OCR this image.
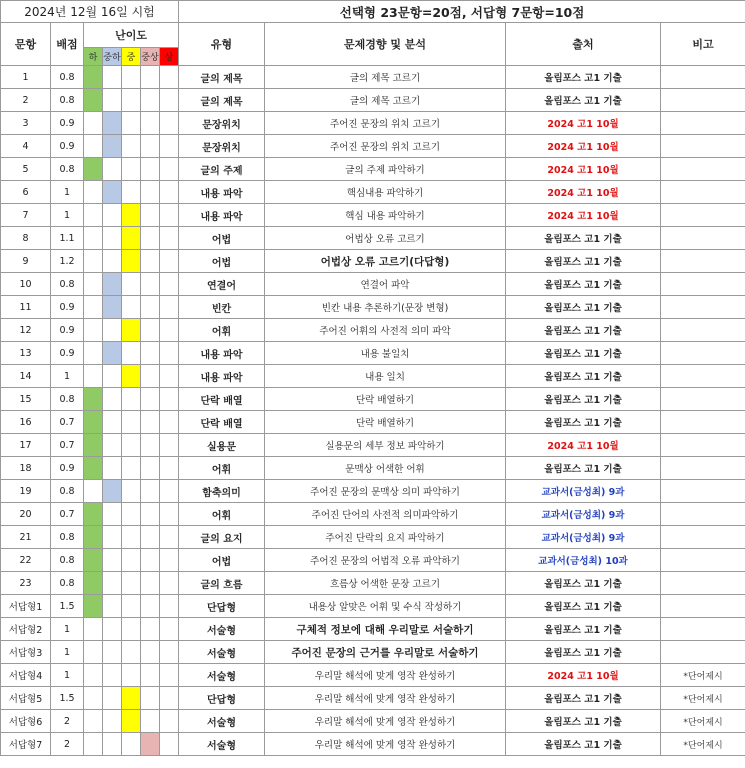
2024년 12월 16일 시험							선택형 23문항=20점, 서답형 7문항=10점			
문항	배점	난이도					유형	문제경향 및 분석	출처	비고
		하	중하	중	중상	상				
1	0.8						글의 제목	글의 제목 고르기	올림포스 고1 기출	
2	0.8						글의 제목	글의 제목 고르기	올림포스 고1 기출	
3	0.9						문장위치	주어진 문장의 위치 고르기	2024 고1 10월	
4	0.9						문장위치	주어진 문장의 위치 고르기	2024 고1 10월	
5	0.8						글의 주제	글의 주제 파악하기	2024 고1 10월	
6	1						내용 파악	핵심내용 파악하기	2024 고1 10월	
7	1						내용 파악	핵심 내용 파악하기	2024 고1 10월	
8	1.1						어법	어법상 오류 고르기	올림포스 고1 기출	
9	1.2						어법	어법상 오류 고르기(다답형)	올림포스 고1 기출	
10	0.8						연결어	연결어 파악	올림포스 고1 기출	
11	0.9						빈칸	빈칸 내용 추론하기(문장 변형)	올림포스 고1 기출	
12	0.9						어휘	주어진 어휘의 사전적 의미 파악	올림포스 고1 기출	
13	0.9						내용 파악	내용 불일치	올림포스 고1 기출	
14	1						내용 파악	내용 일치	올림포스 고1 기출	
15	0.8						단락 배열	단락 배열하기	올림포스 고1 기출	
16	0.7						단락 배열	단락 배열하기	올림포스 고1 기출	
17	0.7						실용문	실용문의 세부 정보 파악하기	2024 고1 10월	
18	0.9						어휘	문맥상 어색한 어휘	올림포스 고1 기출	
19	0.8						함축의미	주어진 문장의 문맥상 의미 파악하기	교과서(금성최) 9과	
20	0.7						어휘	주어진 단어의 사전적 의미파악하기	교과서(금성최) 9과	
21	0.8						글의 요지	주어진 단락의 요지 파악하기	교과서(금성최) 9과	
22	0.8						어법	주어진 문장의 어법적 오류 파악하기	교과서(금성최) 10과	
23	0.8						글의 흐름	흐름상 어색한 문장 고르기	올림포스 고1 기출	
서답형1	1.5						단답형	내용상 알맞은 어휘 및 수식 작성하기	올림포스 고1 기출	
서답형2	1						서술형	구체적 정보에 대해 우리말로 서술하기	올림포스 고1 기출	
서답형3	1						서술형	주어진 문장의 근거를 우리말로 서술하기	올림포스 고1 기출	
서답형4	1						서술형	우리말 해석에 맞게 영작 완성하기	2024 고1 10월	*단어제시
서답형5	1.5						단답형	우리말 해석에 맞게 영작 완성하기	올림포스 고1 기출	*단어제시
서답형6	2						서술형	우리말 해석에 맞게 영작 완성하기	올림포스 고1 기출	*단어제시
서답형7	2						서술형	우리말 해석에 맞게 영작 완성하기	올림포스 고1 기출	*단어제시
